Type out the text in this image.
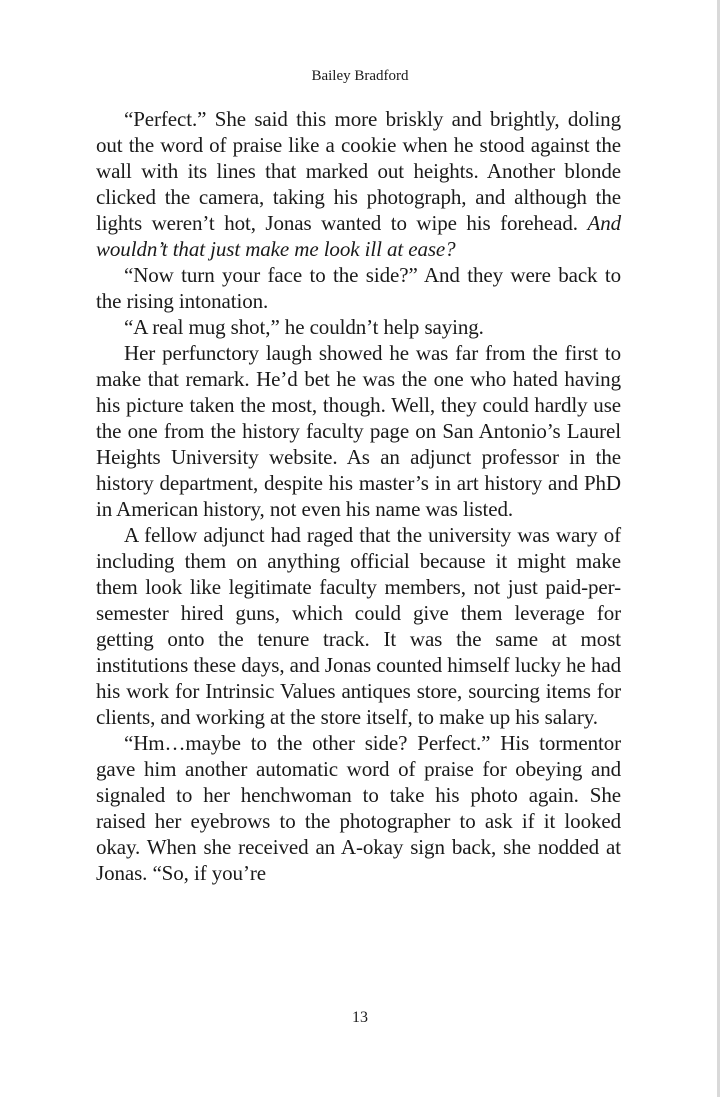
Bailey Bradford

“Perfect.” She said this more briskly and brightly, doling out the word of praise like a cookie when he stood against the wall with its lines that marked out heights. Another blonde clicked the camera, taking his photograph, and although the lights weren’t hot, Jonas wanted to wipe his forehead. And wouldn’t that just make me look ill at ease?

“Now turn your face to the side?” And they were back to the rising intonation.

“A real mug shot,” he couldn’t help saying.

Her perfunctory laugh showed he was far from the first to make that remark. He’d bet he was the one who hated having his picture taken the most, though. Well, they could hardly use the one from the history faculty page on San Antonio’s Laurel Heights University website. As an adjunct professor in the history department, despite his master’s in art history and PhD in American history, not even his name was listed.

A fellow adjunct had raged that the university was wary of including them on anything official because it might make them look like legitimate faculty members, not just paid-per-semester hired guns, which could give them leverage for getting onto the tenure track. It was the same at most institutions these days, and Jonas counted himself lucky he had his work for Intrinsic Values antiques store, sourcing items for clients, and working at the store itself, to make up his salary.

“Hm…maybe to the other side? Perfect.” His tormentor gave him another automatic word of praise for obeying and signaled to her henchwoman to take his photo again. She raised her eyebrows to the photographer to ask if it looked okay. When she received an A-okay sign back, she nodded at Jonas. “So, if you’re

13
